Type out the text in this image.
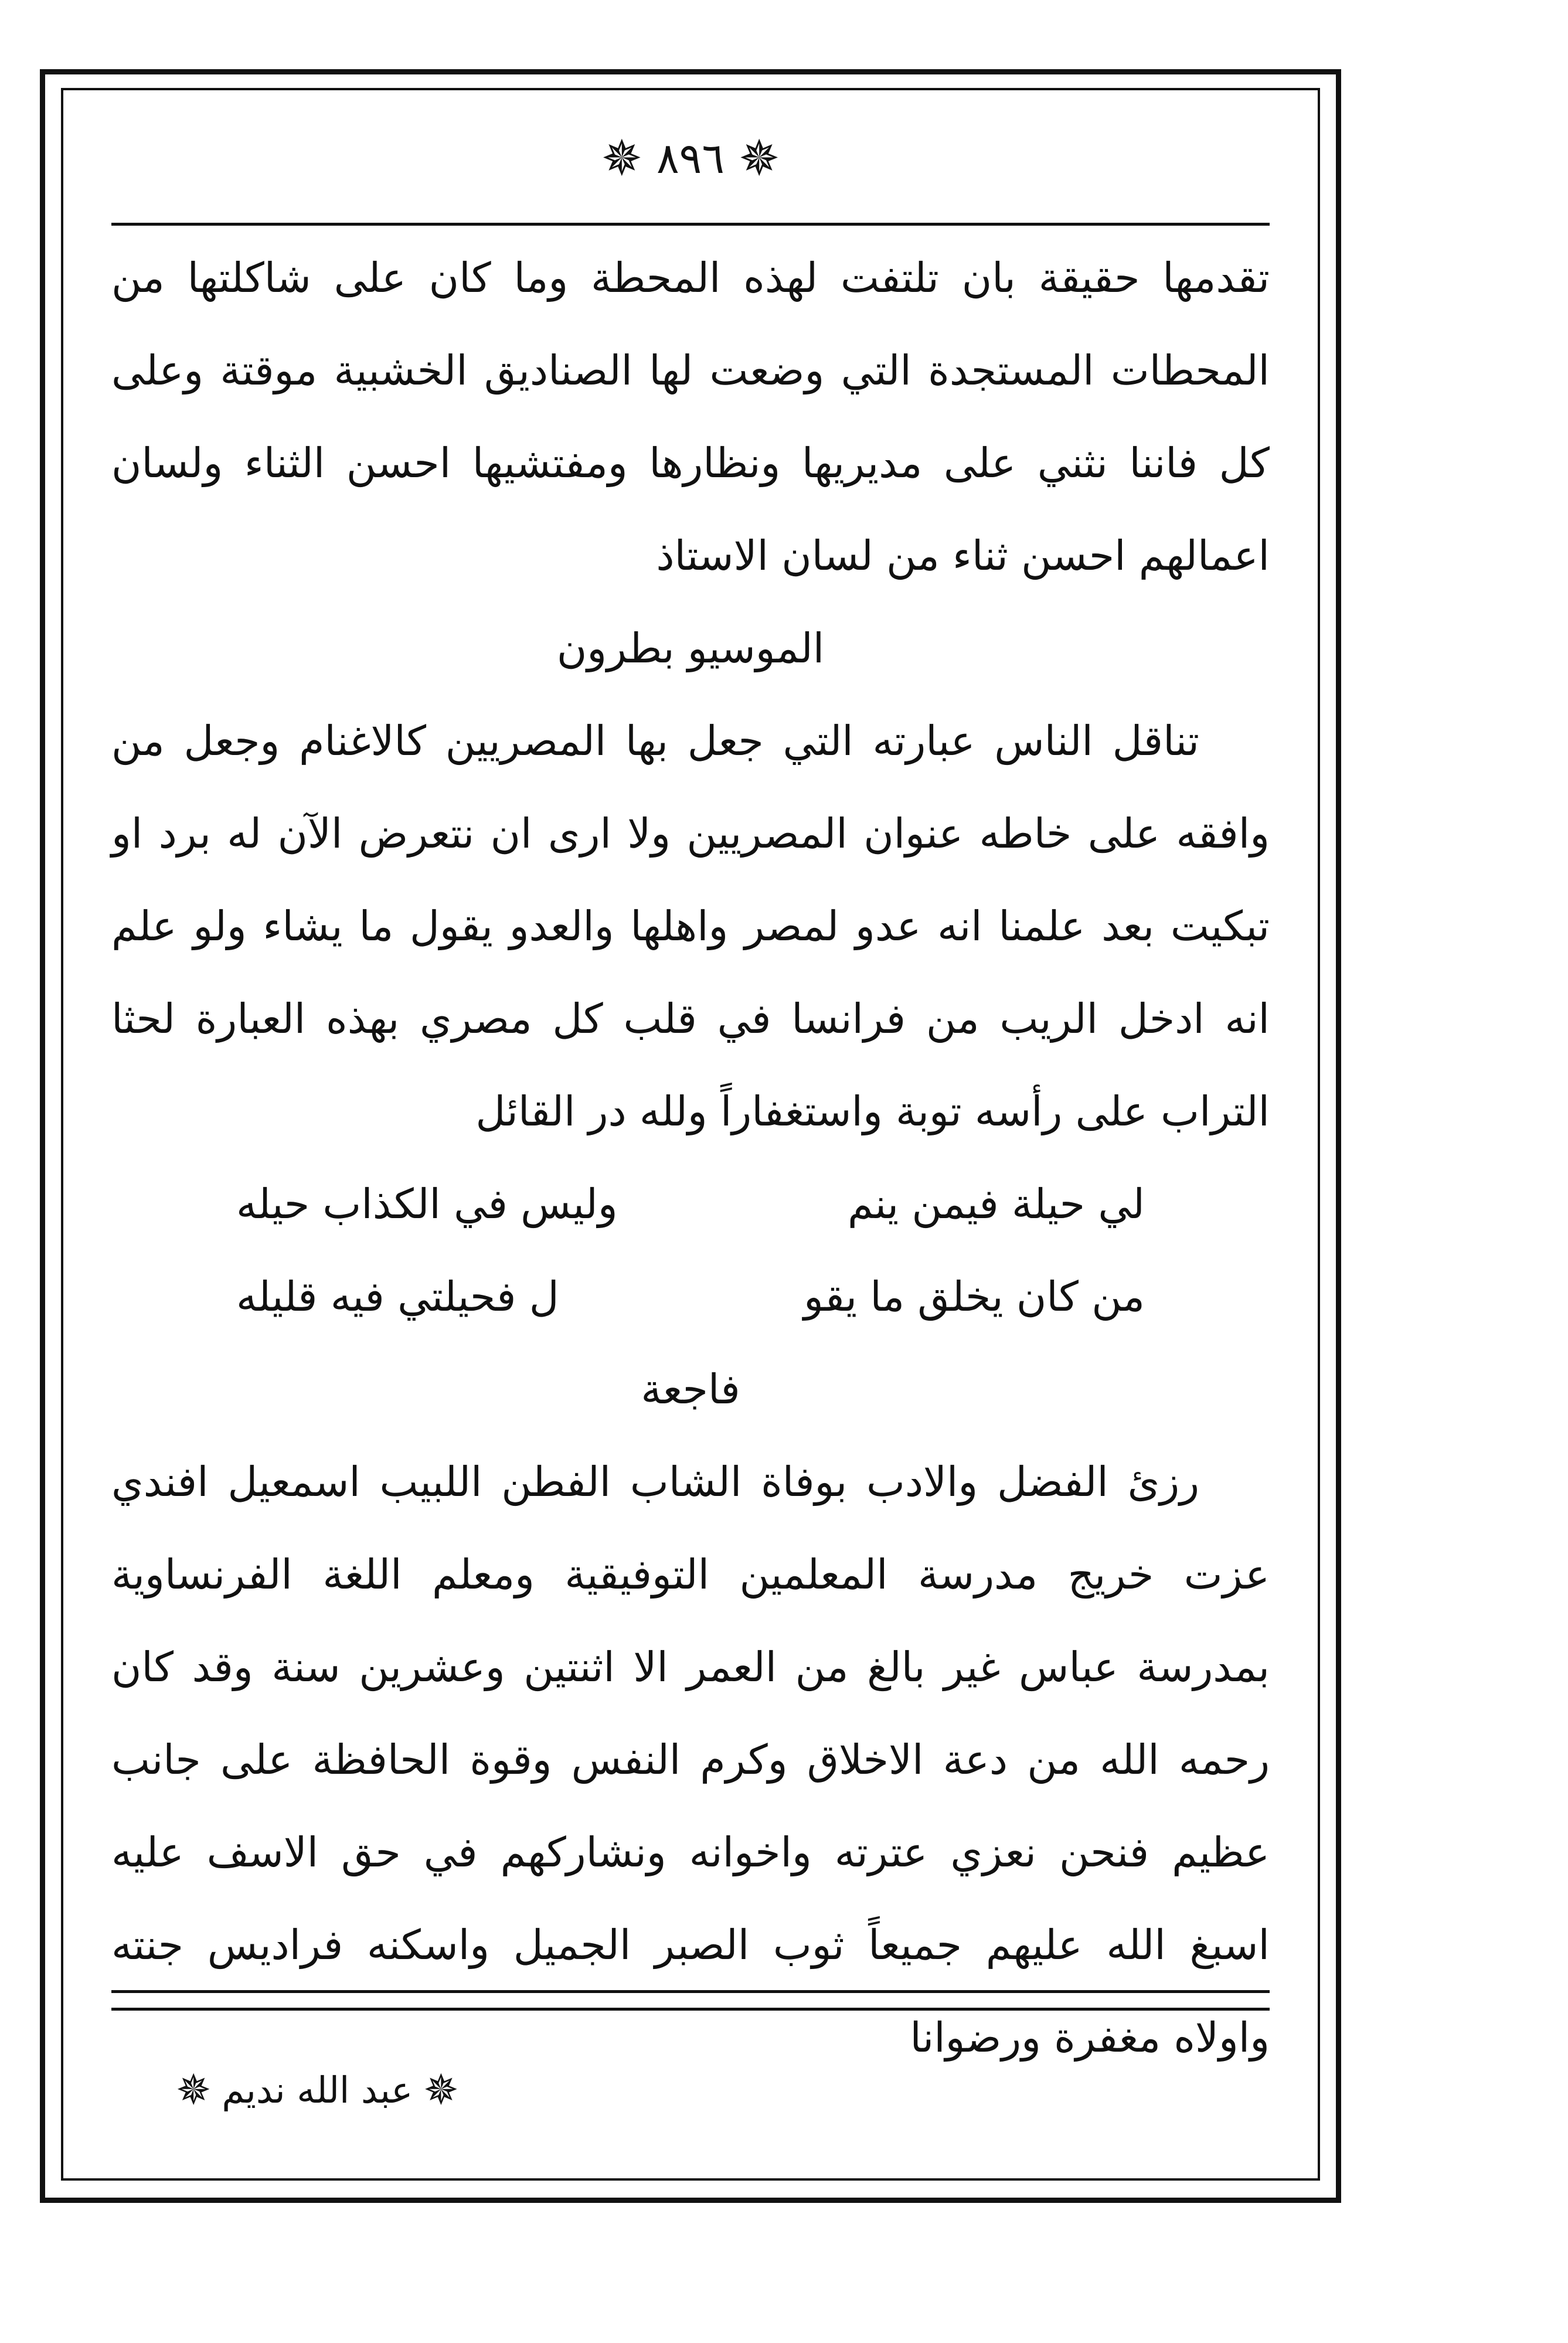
✵ ٨٩٦ ✵

تقدمها حقيقة بان تلتفت لهذه المحطة وما كان على شاكلتها من المحطات المستجدة التي وضعت لها الصناديق الخشبية موقتة وعلى كل فاننا نثني على مديريها ونظارها ومفتشيها احسن الثناء ولسان اعمالهم احسن ثناء من لسان الاستاذ

الموسيو بطرون

تناقل الناس عبارته التي جعل بها المصريين كالاغنام وجعل من وافقه على خاطه عنوان المصريين ولا ارى ان نتعرض الآن له برد او تبكيت بعد علمنا انه عدو لمصر واهلها والعدو يقول ما يشاء ولو علم انه ادخل الريب من فرانسا في قلب كل مصري بهذه العبارة لحثا التراب على رأسه توبة واستغفاراً ولله در القائل

لي حيلة فيمن ينم
وليس في الكذاب حيله
من كان يخلق ما يقو
ل فحيلتي فيه قليله

فاجعة

رزئ الفضل والادب بوفاة الشاب الفطن اللبيب اسمعيل افندي عزت خريج مدرسة المعلمين التوفيقية ومعلم اللغة الفرنساوية بمدرسة عباس غير بالغ من العمر الا اثنتين وعشرين سنة وقد كان رحمه الله من دعة الاخلاق وكرم النفس وقوة الحافظة على جانب عظيم فنحن نعزي عترته واخوانه ونشاركهم في حق الاسف عليه اسبغ الله عليهم جميعاً ثوب الصبر الجميل واسكنه فراديس جنته واولاه مغفرة ورضوانا

✵
عبد الله نديم
✵
